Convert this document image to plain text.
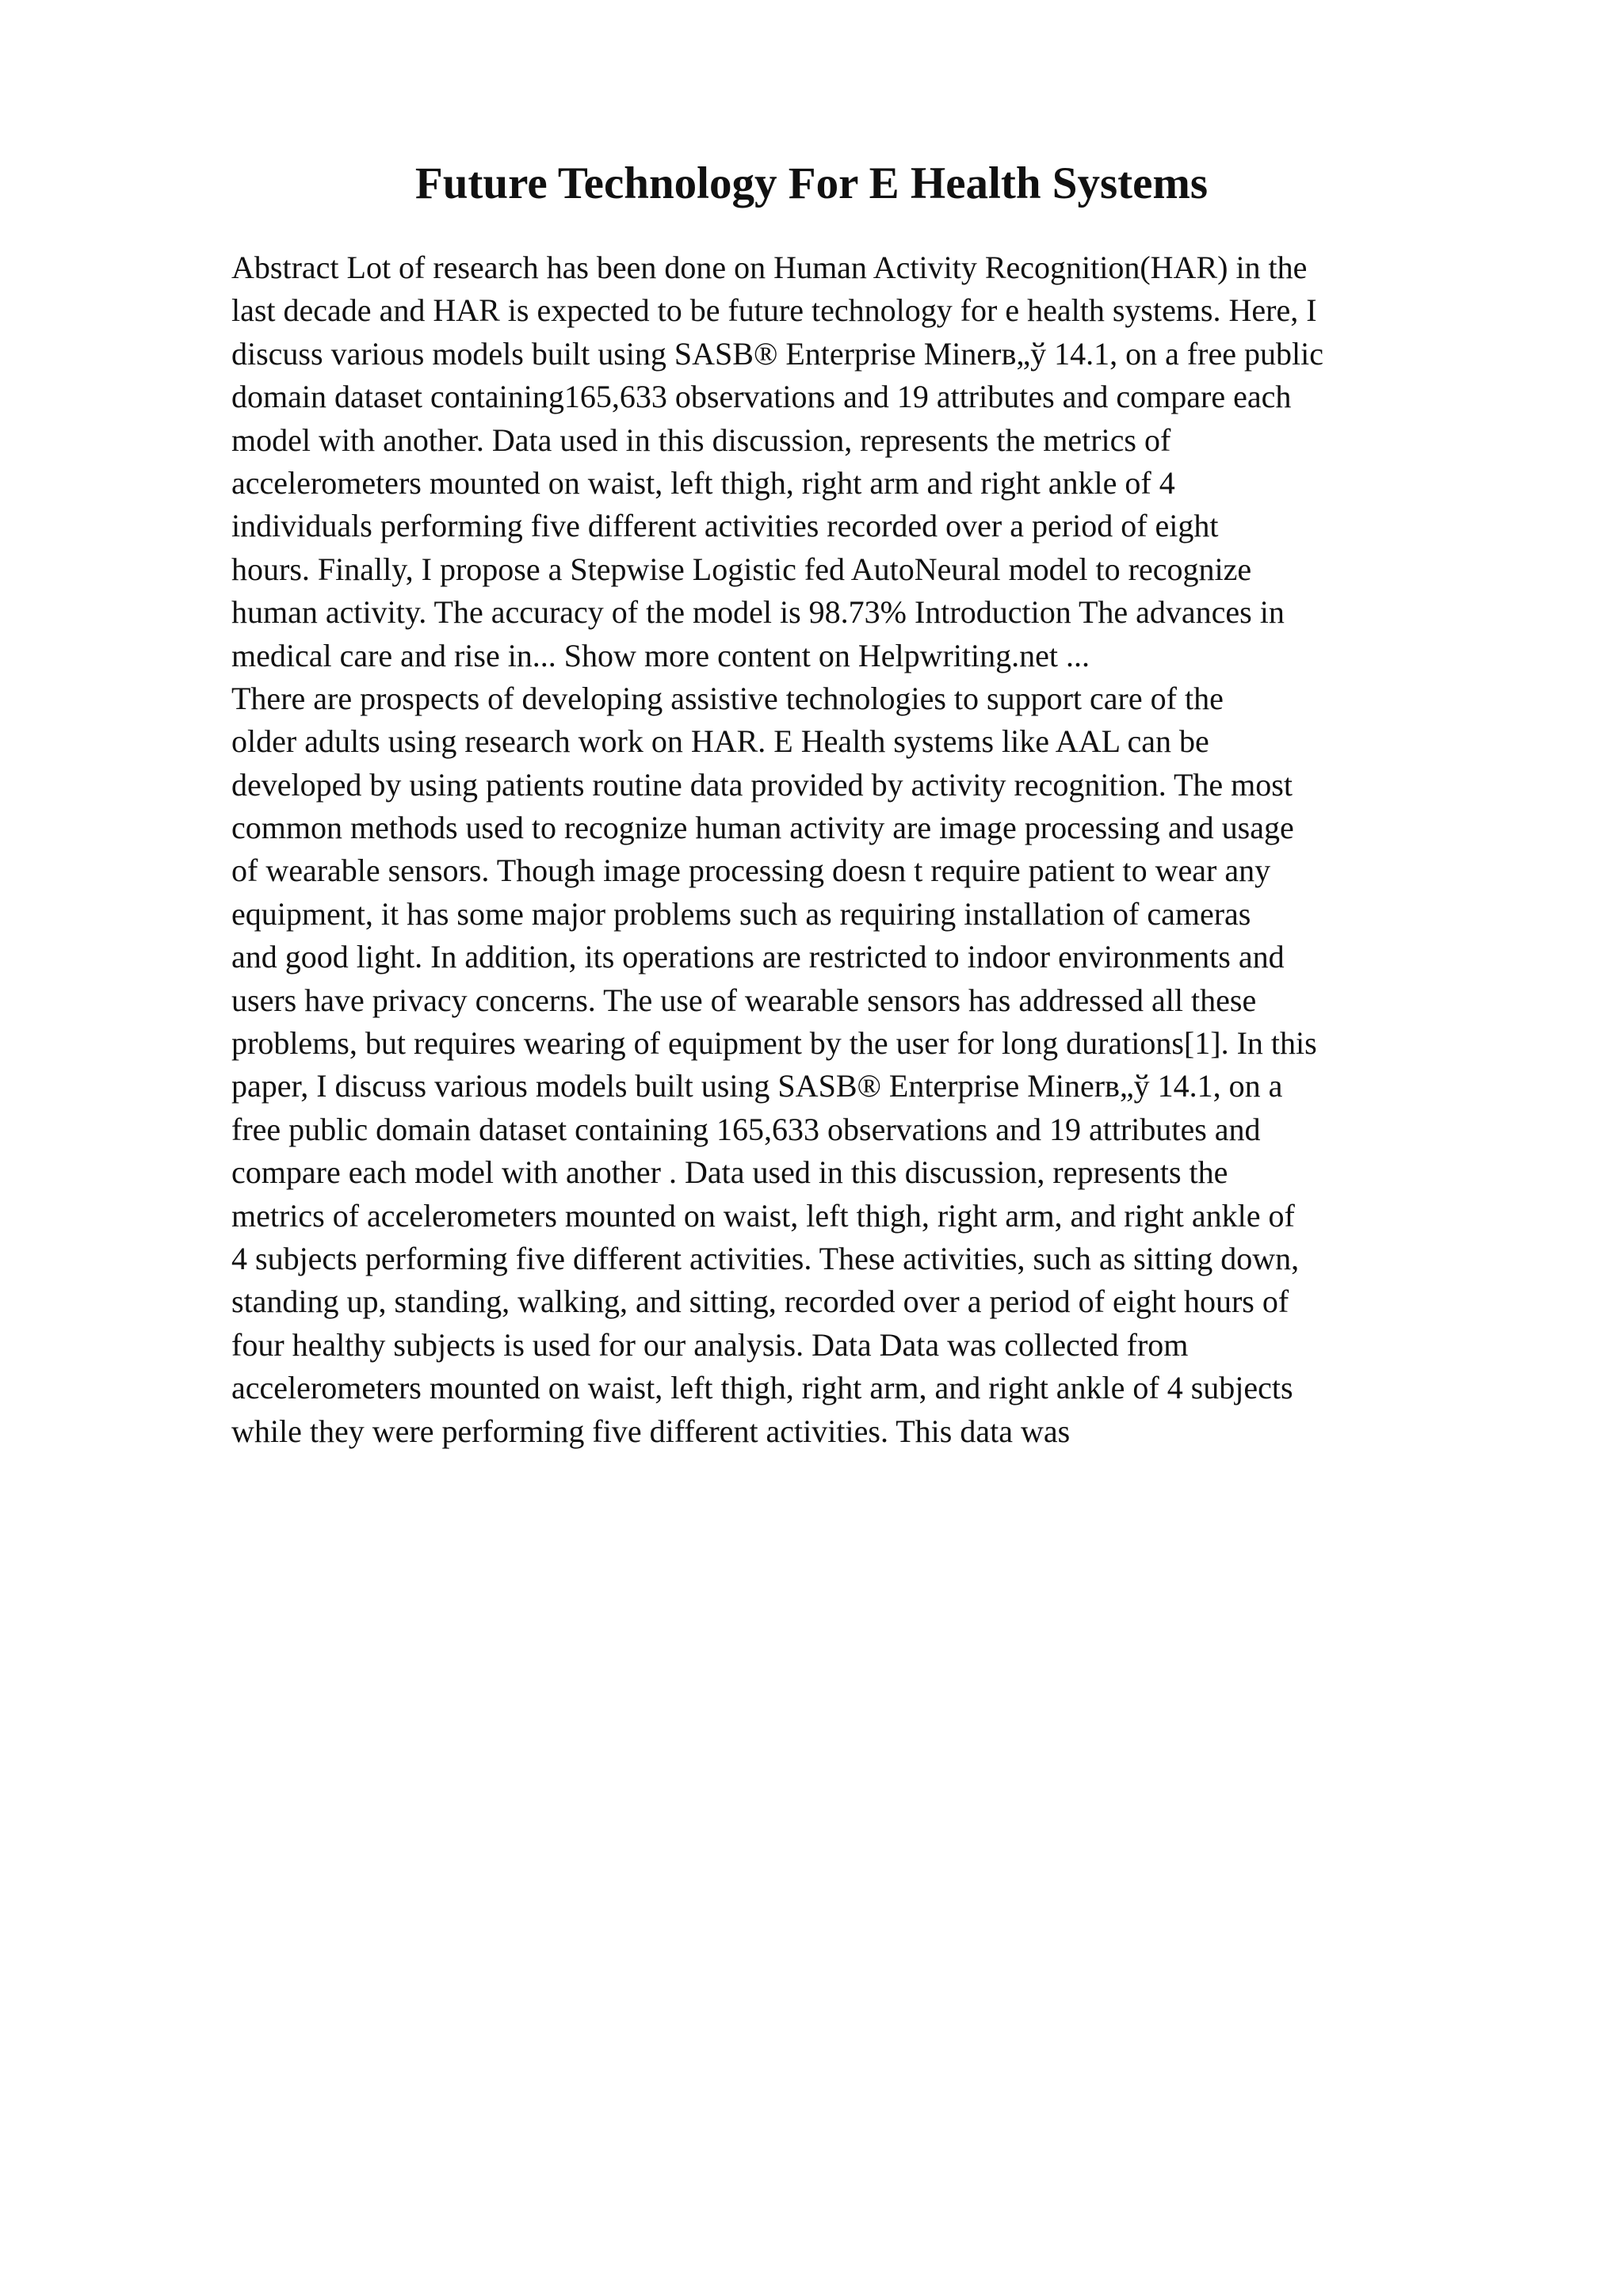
Future Technology For E Health Systems
Abstract Lot of research has been done on Human Activity Recognition(HAR) in the
last decade and HAR is expected to be future technology for e health systems. Here, I
discuss various models built using SASB® Enterprise Minerв„ў 14.1, on a free public
domain dataset containing165,633 observations and 19 attributes and compare each
model with another. Data used in this discussion, represents the metrics of
accelerometers mounted on waist, left thigh, right arm and right ankle of 4
individuals performing five different activities recorded over a period of eight
hours. Finally, I propose a Stepwise Logistic fed AutoNeural model to recognize
human activity. The accuracy of the model is 98.73% Introduction The advances in
medical care and rise in... Show more content on Helpwriting.net ...
There are prospects of developing assistive technologies to support care of the
older adults using research work on HAR. E Health systems like AAL can be
developed by using patients routine data provided by activity recognition. The most
common methods used to recognize human activity are image processing and usage
of wearable sensors. Though image processing doesn t require patient to wear any
equipment, it has some major problems such as requiring installation of cameras
and good light. In addition, its operations are restricted to indoor environments and
users have privacy concerns. The use of wearable sensors has addressed all these
problems, but requires wearing of equipment by the user for long durations[1]. In this
paper, I discuss various models built using SASB® Enterprise Minerв„ў 14.1, on a
free public domain dataset containing 165,633 observations and 19 attributes and
compare each model with another . Data used in this discussion, represents the
metrics of accelerometers mounted on waist, left thigh, right arm, and right ankle of
4 subjects performing five different activities. These activities, such as sitting down,
standing up, standing, walking, and sitting, recorded over a period of eight hours of
four healthy subjects is used for our analysis. Data Data was collected from
accelerometers mounted on waist, left thigh, right arm, and right ankle of 4 subjects
while they were performing five different activities. This data was
